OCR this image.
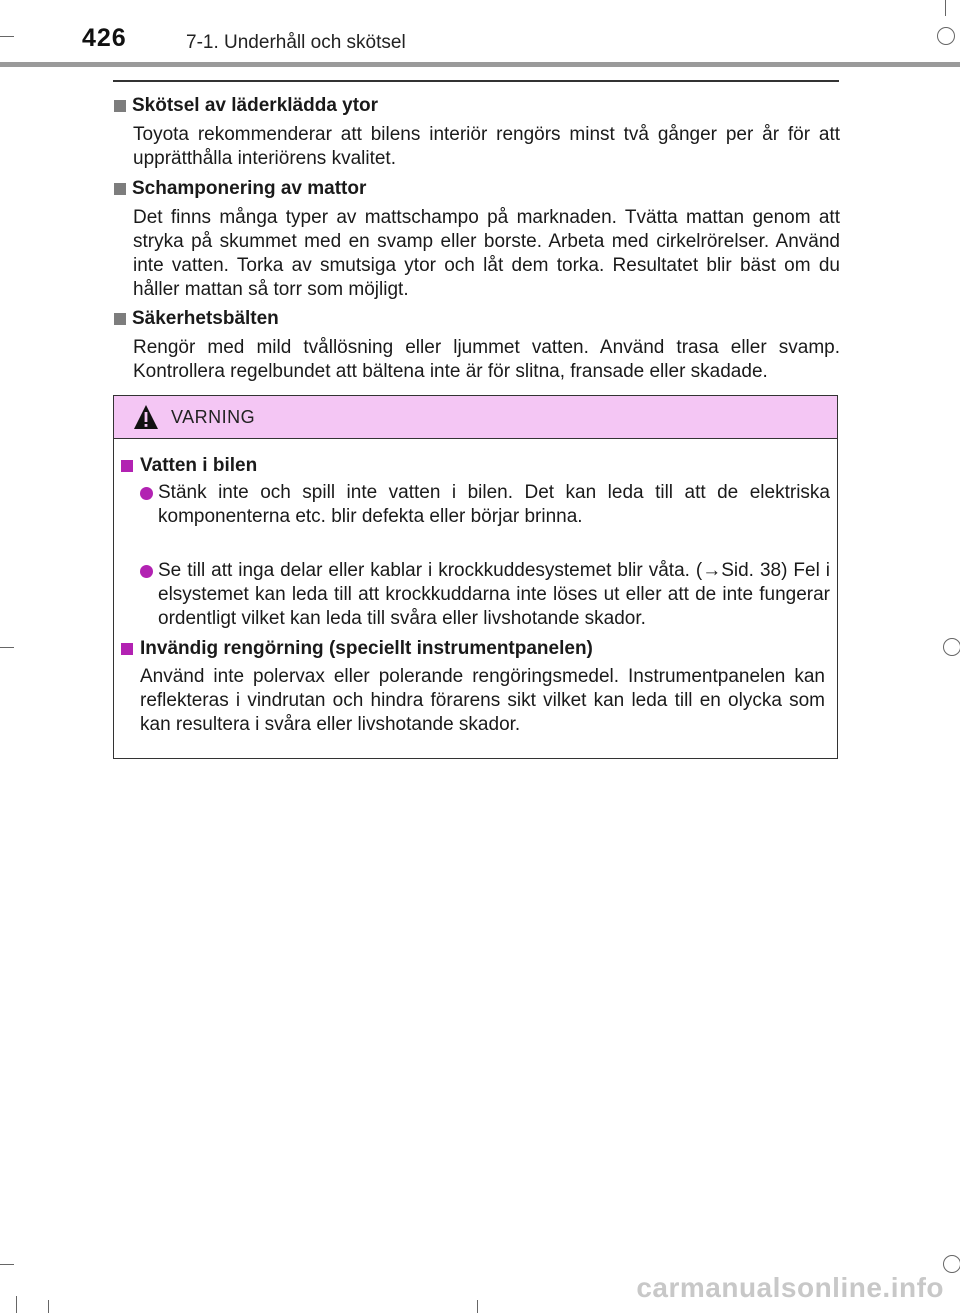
426	7-1. Underhåll och skötsel
Skötsel av läderklädda ytor
Toyota rekommenderar att bilens interiör rengörs minst två gånger per år för att upprätthålla interiörens kvalitet.
Schamponering av mattor
Det finns många typer av mattschampo på marknaden. Tvätta mattan genom att stryka på skummet med en svamp eller borste. Arbeta med cirkelrörelser. Använd inte vatten. Torka av smutsiga ytor och låt dem torka. Resultatet blir bäst om du håller mattan så torr som möjligt.
Säkerhetsbälten
Rengör med mild tvållösning eller ljummet vatten. Använd trasa eller svamp. Kontrollera regelbundet att bältena inte är för slitna, fransade eller skadade.
VARNING
Vatten i bilen
Stänk inte och spill inte vatten i bilen. Det kan leda till att de elektriska komponenterna etc. blir defekta eller börjar brinna.
Se till att inga delar eller kablar i krockkuddesystemet blir våta. (→Sid. 38) Fel i elsystemet kan leda till att krockkuddarna inte löses ut eller att de inte fungerar ordentligt vilket kan leda till svåra eller livshotande skador.
Invändig rengörning (speciellt instrumentpanelen)
Använd inte polervax eller polerande rengöringsmedel. Instrumentpanelen kan reflekteras i vindrutan och hindra förarens sikt vilket kan leda till en olycka som kan resultera i svåra eller livshotande skador.
carmanualsonline.info
